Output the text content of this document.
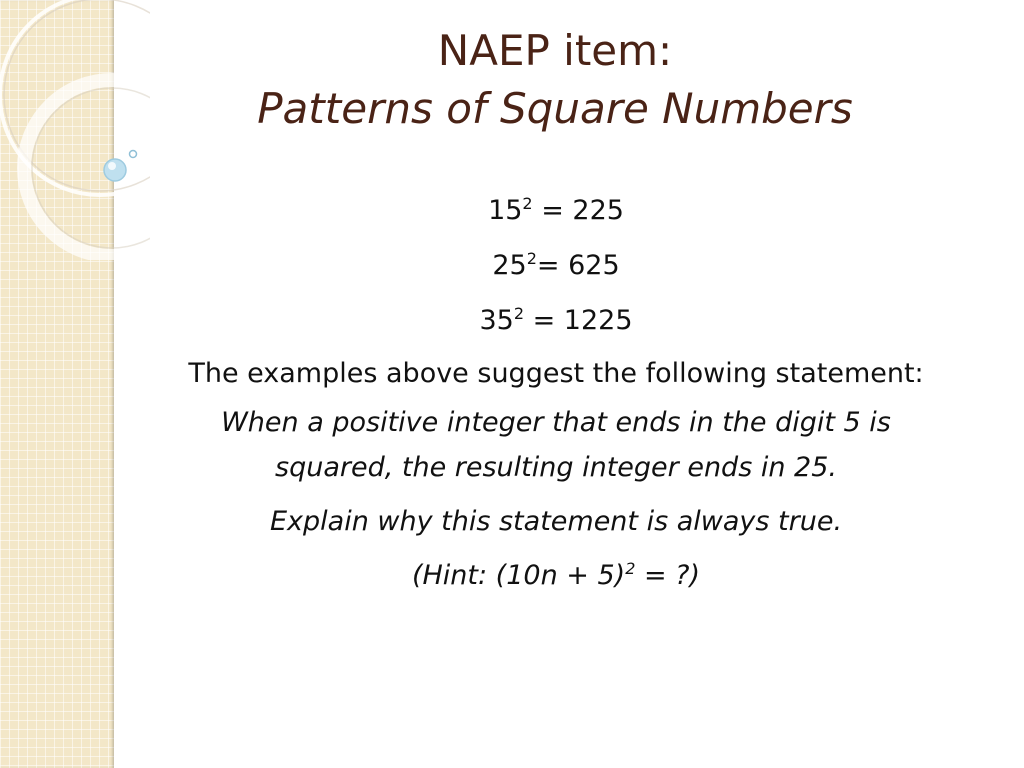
NAEP item:
Patterns of Square Numbers

$15^2 = 225$

$25^2= 625$

$35^2 = 1225$

The examples above suggest the following statement:

When a positive integer that ends in the digit 5 is squared, the resulting integer ends in 25.

Explain why this statement is always true.

(Hint: $(10n + 5)^2$ = ?)
